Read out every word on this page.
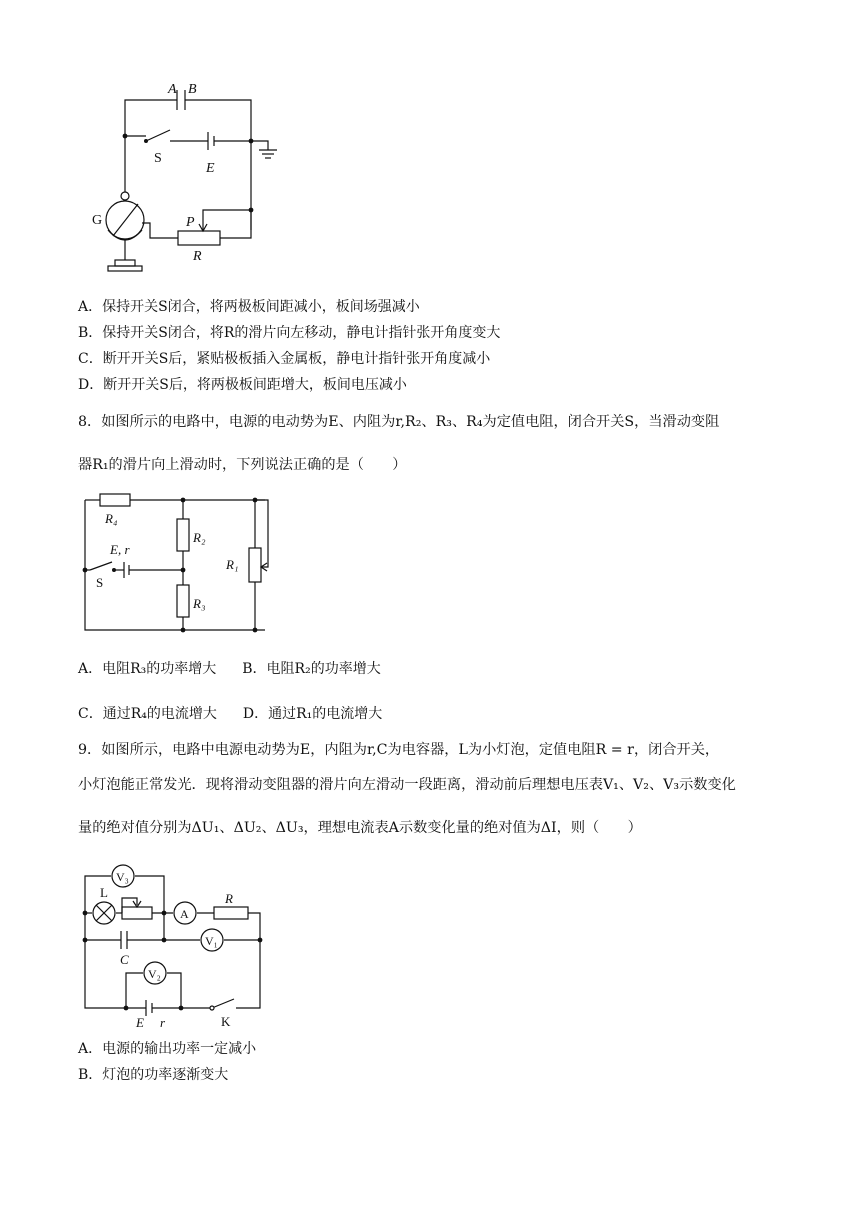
A B
S
E
G	P
R
A．保持开关S闭合，将两极板间距减小，板间场强减小
B．保持开关S闭合，将R的滑片向左移动，静电计指针张开角度变大
C．断开开关S后，紧贴极板插入金属板，静电计指针张开角度减小
D．断开开关S后，将两极板间距增大，板间电压减小
8．如图所示的电路中，电源的电动势为E、内阻为r,R₂、R₃、R₄为定值电阻，闭合开关S，当滑动变阻
器R₁的滑片向上滑动时，下列说法正确的是（　　）
R₄
R₂
R₁
R₃
E, r
S
A．电阻R₃的功率增大 B．电阻R₂的功率增大
C．通过R₄的电流增大 D．通过R₁的电流增大
9．如图所示，电路中电源电动势为E，内阻为r,C为电容器，L为小灯泡，定值电阻R = r，闭合开关，
小灯泡能正常发光．现将滑动变阻器的滑片向左滑动一段距离，滑动前后理想电压表V₁、V₂、V₃示数变化
量的绝对值分别为ΔU₁、ΔU₂、ΔU₃，理想电流表A示数变化量的绝对值为ΔI，则（　　）
V₃
L
A
R
V₁
C
V₂
E r	K
A．电源的输出功率一定减小
B．灯泡的功率逐渐变大
